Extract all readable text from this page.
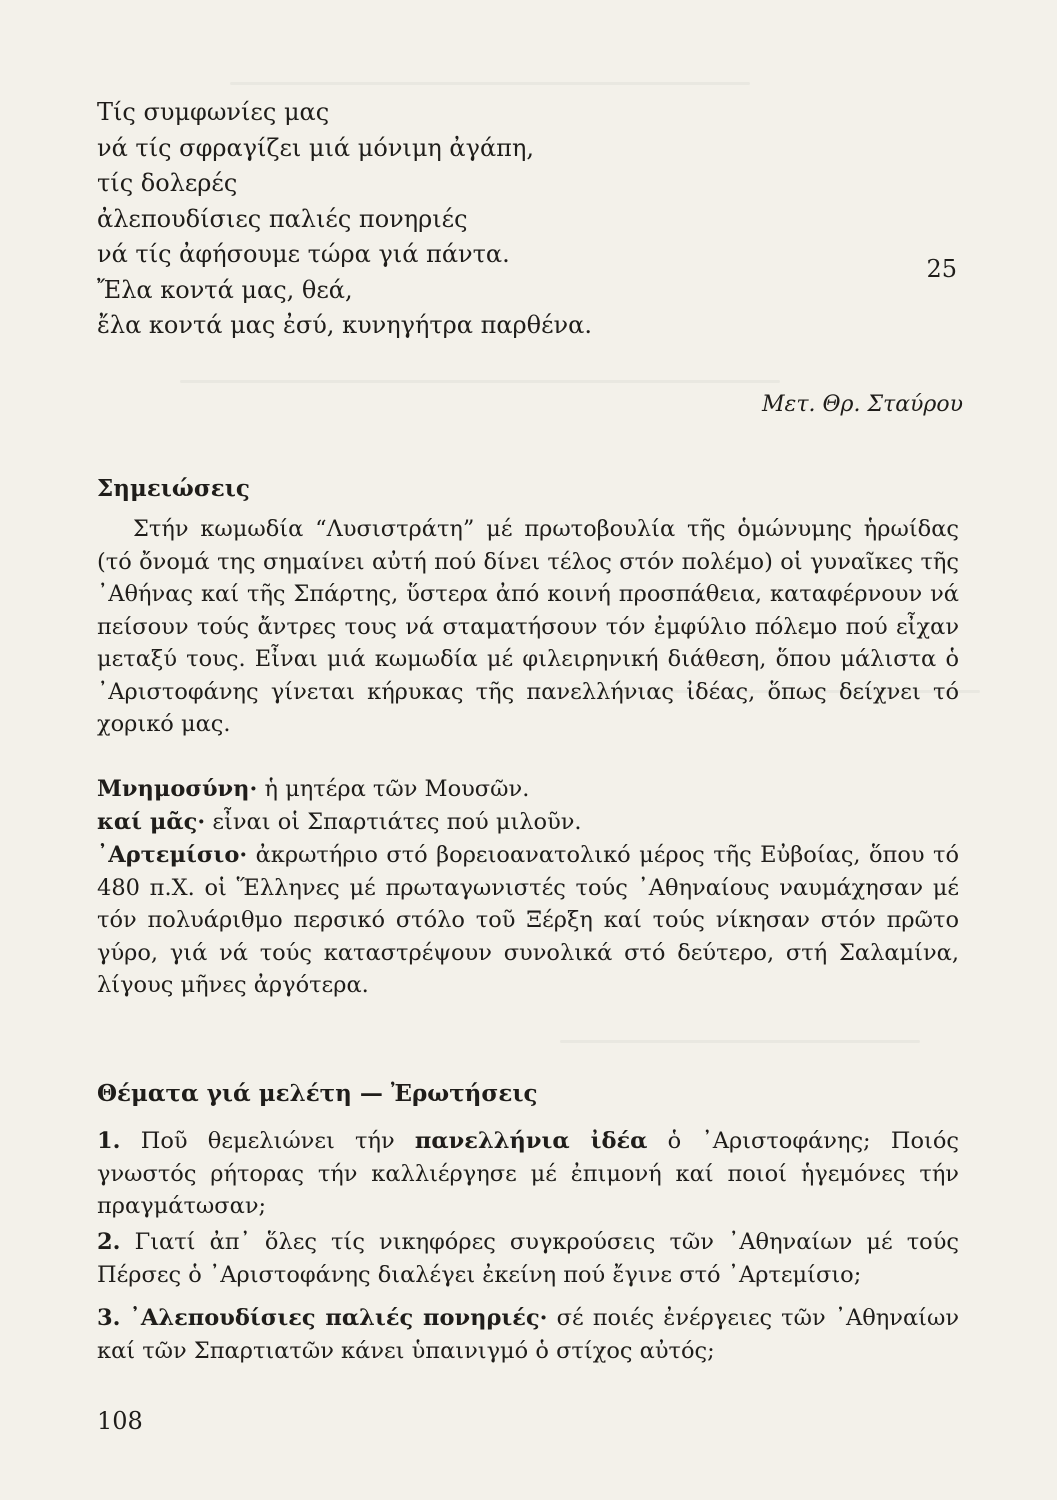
Τίς συμφωνίες μας
νά τίς σφραγίζει μιά μόνιμη ἀγάπη,
τίς δολερές
ἀλεπουδίσιες παλιές πονηριές
νά τίς ἀφήσουμε τώρα γιά πάντα.
Ἔλα κοντά μας, θεά,
ἔλα κοντά μας ἐσύ, κυνηγήτρα παρθένα.
25
Μετ. Θρ. Σταύρου
Σημειώσεις
Στήν κωμωδία “Λυσιστράτη” μέ πρωτοβουλία τῆς ὁμώνυμης ἡρωίδας (τό ὄνομά της σημαίνει αὐτή πού δίνει τέλος στόν πολέμο) οἱ γυναῖκες τῆς ᾽Αθήνας καί τῆς Σπάρτης, ὕστερα ἀπό κοινή προσπάθεια, καταφέρνουν νά πείσουν τούς ἄντρες τους νά σταματήσουν τόν ἐμφύλιο πόλεμο πού εἶχαν μεταξύ τους. Εἶναι μιά κωμωδία μέ φιλειρηνική διάθεση, ὅπου μάλιστα ὁ ᾽Αριστοφάνης γίνεται κήρυκας τῆς πανελλήνιας ἰδέας, ὅπως δείχνει τό χορικό μας.
Μνημοσύνη· ἡ μητέρα τῶν Μουσῶν.
καί μᾶς· εἶναι οἱ Σπαρτιάτες πού μιλοῦν.
᾽Αρτεμίσιο· ἀκρωτήριο στό βορειοανατολικό μέρος τῆς Εὐβοίας, ὅπου τό 480 π.Χ. οἱ Ἕλληνες μέ πρωταγωνιστές τούς ᾽Αθηναίους ναυμάχησαν μέ τόν πολυάριθμο περσικό στόλο τοῦ Ξέρξη καί τούς νίκησαν στόν πρῶτο γύρο, γιά νά τούς καταστρέψουν συνολικά στό δεύτερο, στή Σαλαμίνα, λίγους μῆνες ἀργότερα.
Θέματα γιά μελέτη — Ἐρωτήσεις
1. Ποῦ θεμελιώνει τήν πανελλήνια ἰδέα ὁ ᾽Αριστοφάνης; Ποιός γνωστός ρήτορας τήν καλλιέργησε μέ ἐπιμονή καί ποιοί ἡγεμόνες τήν πραγμάτωσαν;
2. Γιατί ἀπ᾽ ὅλες τίς νικηφόρες συγκρούσεις τῶν ᾽Αθηναίων μέ τούς Πέρσες ὁ ᾽Αριστοφάνης διαλέγει ἐκείνη πού ἔγινε στό ᾽Αρτεμίσιο;
3. ᾽Αλεπουδίσιες παλιές πονηριές· σέ ποιές ἐνέργειες τῶν ᾽Αθηναίων καί τῶν Σπαρτιατῶν κάνει ὑπαινιγμό ὁ στίχος αὐτός;
108
